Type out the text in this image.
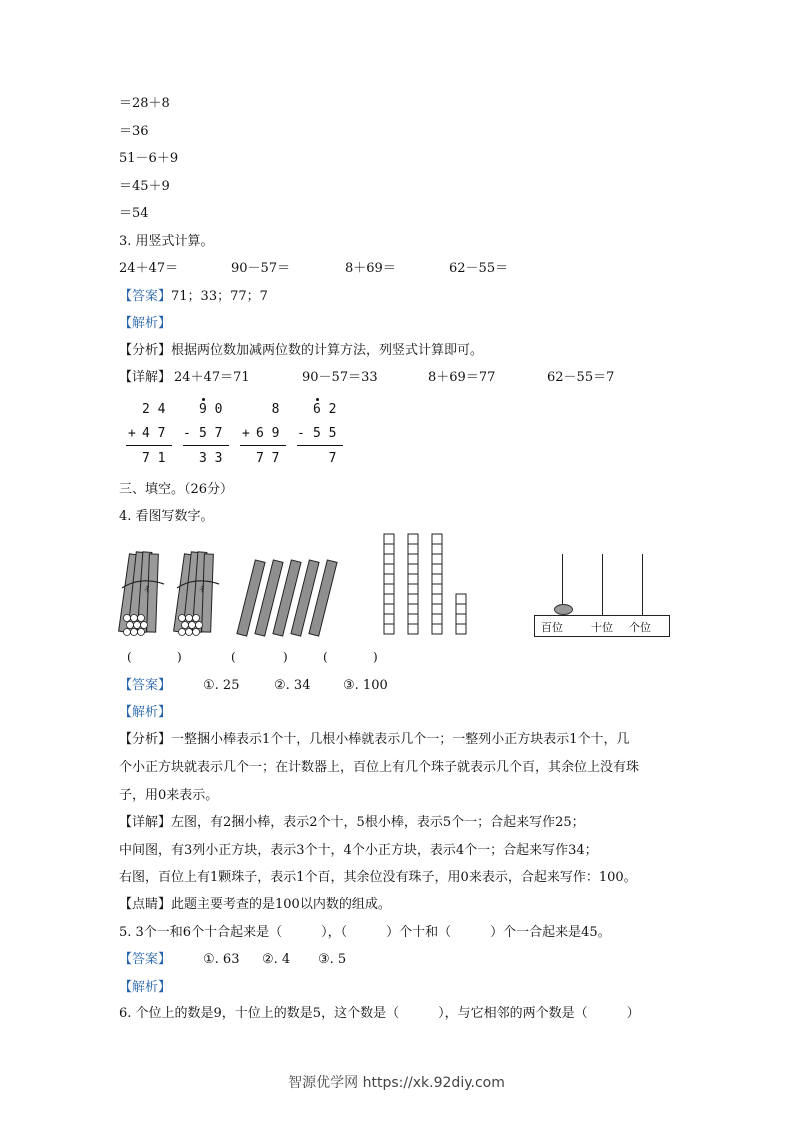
＝28＋8
＝36
51－6＋9
＝45＋9
＝54
3. 用竖式计算。
24＋47＝	90－57＝	8＋69＝	62－55＝
【答案】71；33；77；7
【解析】
【分析】根据两位数加减两位数的计算方法，列竖式计算即可。
【详解】 24＋47＝71	90－57＝33	8＋69＝77	62－55＝7
2 4
+ 4 7
7 1
9 0
- 5 7
3 3
8
+ 6 9
7 7
6 2
- 5 5
7
三、填空。（26分）
4. 看图写数字。
ㄔ	ㄔ
百位	十位 个位
(	)	(	)	(	)
【答案】 ①. 25	②. 34	③. 100
【解析】
【分析】一整捆小棒表示1个十，几根小棒就表示几个一；一整列小正方块表示1个十，几
个小正方块就表示几个一；在计数器上，百位上有几个珠子就表示几个百，其余位上没有珠
子，用0来表示。
【详解】左图，有2捆小棒，表示2个十，5根小棒，表示5个一；合起来写作25；
中间图，有3列小正方块，表示3个十，4个小正方块，表示4个一；合起来写作34；
右图，百位上有1颗珠子，表示1个百，其余位没有珠子，用0来表示，合起来写作：100。
【点睛】此题主要考查的是100以内数的组成。
5. 3个一和6个十合起来是（　　　），（　　　）个十和（　　　）个一合起来是45。
【答案】 ①. 63 ②. 4 ③. 5
【解析】
6. 个位上的数是9，十位上的数是5，这个数是（　　　），与它相邻的两个数是（　　　）
智源优学网 https://xk.92diy.com
